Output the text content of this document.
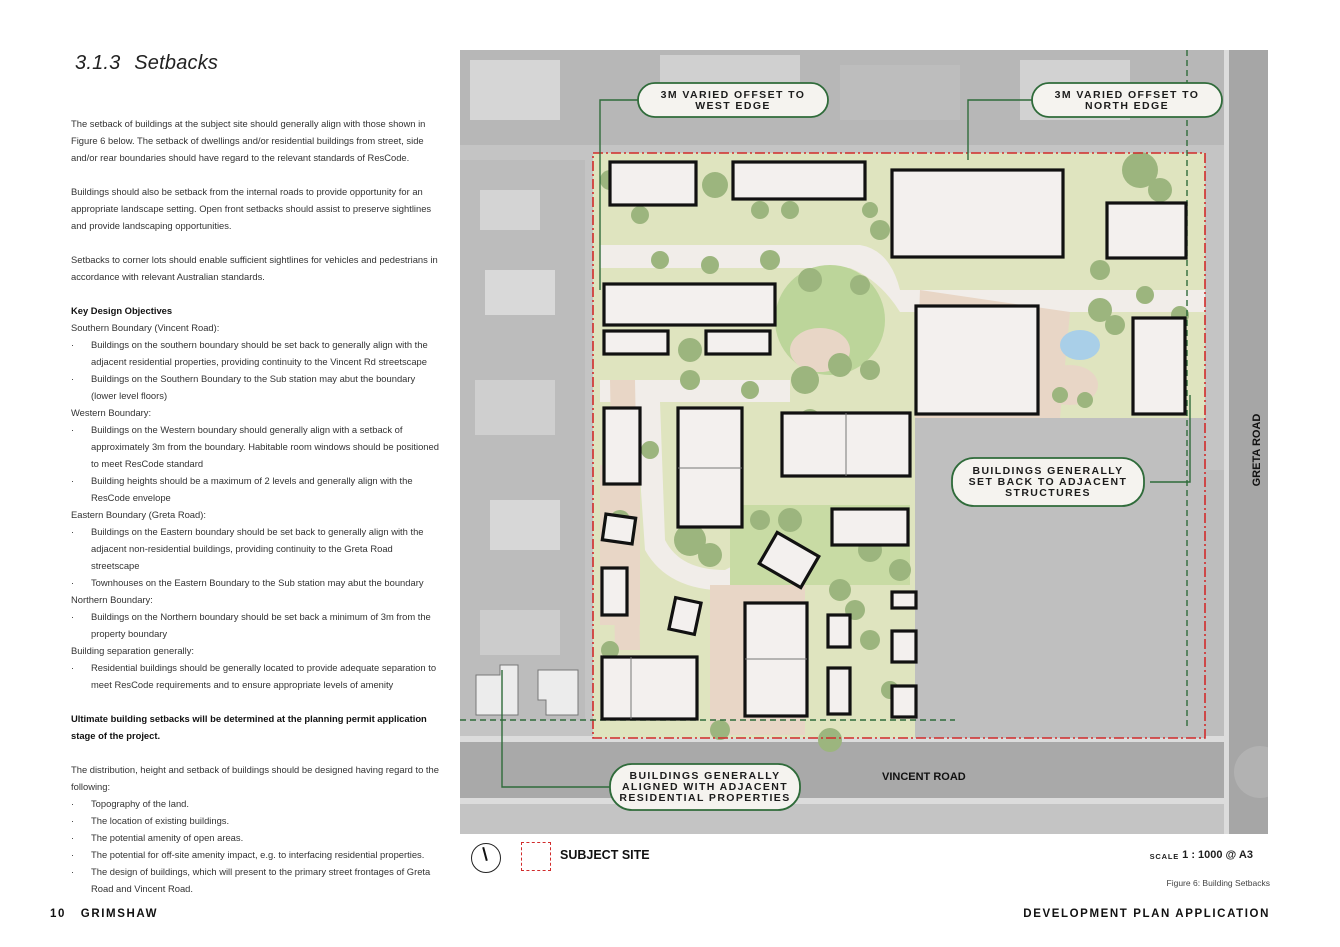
3.1.3 Setbacks

The setback of buildings at the subject site should generally align with those shown in Figure 6 below. The setback of dwellings and/or residential buildings from street, side and/or rear boundaries should have regard to the relevant standards of ResCode.

Buildings should also be setback from the internal roads to provide opportunity for an appropriate landscape setting. Open front setbacks should assist to preserve sightlines and provide landscaping opportunities.

Setbacks to corner lots should enable sufficient sightlines for vehicles and pedestrians in accordance with relevant Australian standards.

Key Design Objectives

Southern Boundary (Vincent Road):

· Buildings on the southern boundary should be set back to generally align with the adjacent residential properties, providing continuity to the Vincent Rd streetscape
· Buildings on the Southern Boundary to the Sub station may abut the boundary (lower level floors)

Western Boundary:

· Buildings on the Western boundary should generally align with a setback of approximately 3m from the boundary. Habitable room windows should be positioned to meet ResCode standard
· Building heights should be a maximum of 2 levels and generally align with the ResCode envelope

Eastern Boundary (Greta Road):

· Buildings on the Eastern boundary should be set back to generally align with the adjacent non-residential buildings, providing continuity to the Greta Road streetscape
· Townhouses on the Eastern Boundary to the Sub station may abut the boundary

Northern Boundary:

· Buildings on the Northern boundary should be set back a minimum of 3m from the property boundary

Building separation generally:

· Residential buildings should be generally located to provide adequate separation to meet ResCode requirements and to ensure appropriate levels of amenity

Ultimate building setbacks will be determined at the planning permit application stage of the project.

The distribution, height and setback of buildings should be designed having regard to the following:

· Topography of the land.
· The location of existing buildings.
· The potential amenity of open areas.
· The potential for off-site amenity impact, e.g. to interfacing residential properties.
· The design of buildings, which will present to the primary street frontages of Greta Road and Vincent Road.
3M VARIED OFFSET TO
WEST EDGE
3M VARIED OFFSET TO
NORTH EDGE
BUILDINGS GENERALLY
SET BACK TO ADJACENT
STRUCTURES
BUILDINGS GENERALLY
ALIGNED WITH ADJACENT
RESIDENTIAL PROPERTIES
VINCENT ROAD
GRETA ROAD
SUBJECT SITE	SCALE 1 : 1000 @ A3
Figure 6: Building Setbacks
10 GRIMSHAW	DEVELOPMENT PLAN APPLICATION
